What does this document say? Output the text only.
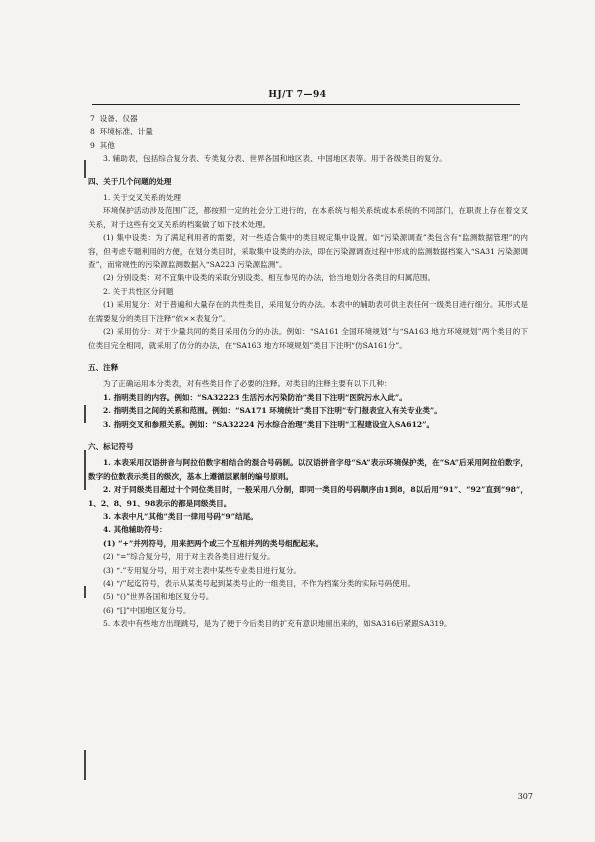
HJ/T 7—94

7 设备、仪器

8 环境标准、计量

9 其他

3. 辅助表，包括综合复分表、专类复分表、世界各国和地区表、中国地区表等。用于各级类目的复分。

四、关于几个问题的处理

1. 关于交叉关系的处理

环境保护活动涉及范围广泛，都按照一定的社会分工进行的，在本系统与相关系统或本系统的不同部门，在职责上存在着交叉关系，对于这些有交叉关系的档案做了如下技术处理。

(1) 集中设类：为了满足利用者的需要，对一些适合集中的类目规定集中设置。如“污染源调查”类包含有“监测数据管理”的内容，但考虑专题利用的方便，在划分类目时，采取集中设类的办法，即在污染源调查过程中形成的监测数据档案入“SA31 污染源调查”，而常规性的污染源监测数据入“SA223 污染源监测”。

(2) 分别设类：对不宜集中设类的采取分别设类、相互参见的办法，恰当地划分各类目的归属范围。

2. 关于共性区分问题

(1) 采用复分：对于普遍和大量存在的共性类目，采用复分的办法。本表中的辅助表可供主表任何一级类目进行细分。其形式是在需要复分的类目下注释“依××表复分”。

(2) 采用仿分：对于少量共同的类目采用仿分的办法。例如：“SA161 全国环境规划”与“SA163 地方环境规划”两个类目的下位类目完全相同，就采用了仿分的办法，在“SA163 地方环境规划”类目下注明“仿SA161分”。

五、注释

为了正确运用本分类表，对有些类目作了必要的注释。对类目的注释主要有以下几种：

1. 指明类目的内容。例如：“SA32223 生活污水污染防治”类目下注明“医院污水入此”。

2. 指明类目之间的关系和范围。例如：“SA171 环境统计”类目下注明“专门报表宜入有关专业类”。

3. 指明交叉和参照关系。例如：“SA32224 污水综合治理”类目下注明“工程建设宜入SA612”。

六、标记符号

1. 本表采用汉语拼音与阿拉伯数字相结合的混合号码制。以汉语拼音字母“SA”表示环境保护类，在“SA”后采用阿拉伯数字，数字的位数表示类目的级次，基本上遵循层累制的编号原则。

2. 对于同级类目超过十个同位类目时，一般采用八分制，即同一类目的号码顺序由1到8，8以后用“91”、“92”直到“98”，1、2、8、91、98表示的都是同级类目。

3. 本表中凡“其他”类目一律用号码“9”结尾。

4. 其他辅助符号：

(1) “+”并列符号，用来把两个或三个互相并列的类号组配起来。

(2) “=”综合复分号，用于对主表各类目进行复分。

(3) “.”专用复分号，用于对主表中某些专业类目进行复分。

(4) “/”起迄符号，表示从某类号起到某类号止的一组类目，不作为档案分类的实际号码使用。

(5) “()”世界各国和地区复分号。

(6) “[]”中国地区复分号。

5. 本表中有些地方出现跳号，是为了便于今后类目的扩充有意识地留出来的，如SA316后紧跟SA319。

307
